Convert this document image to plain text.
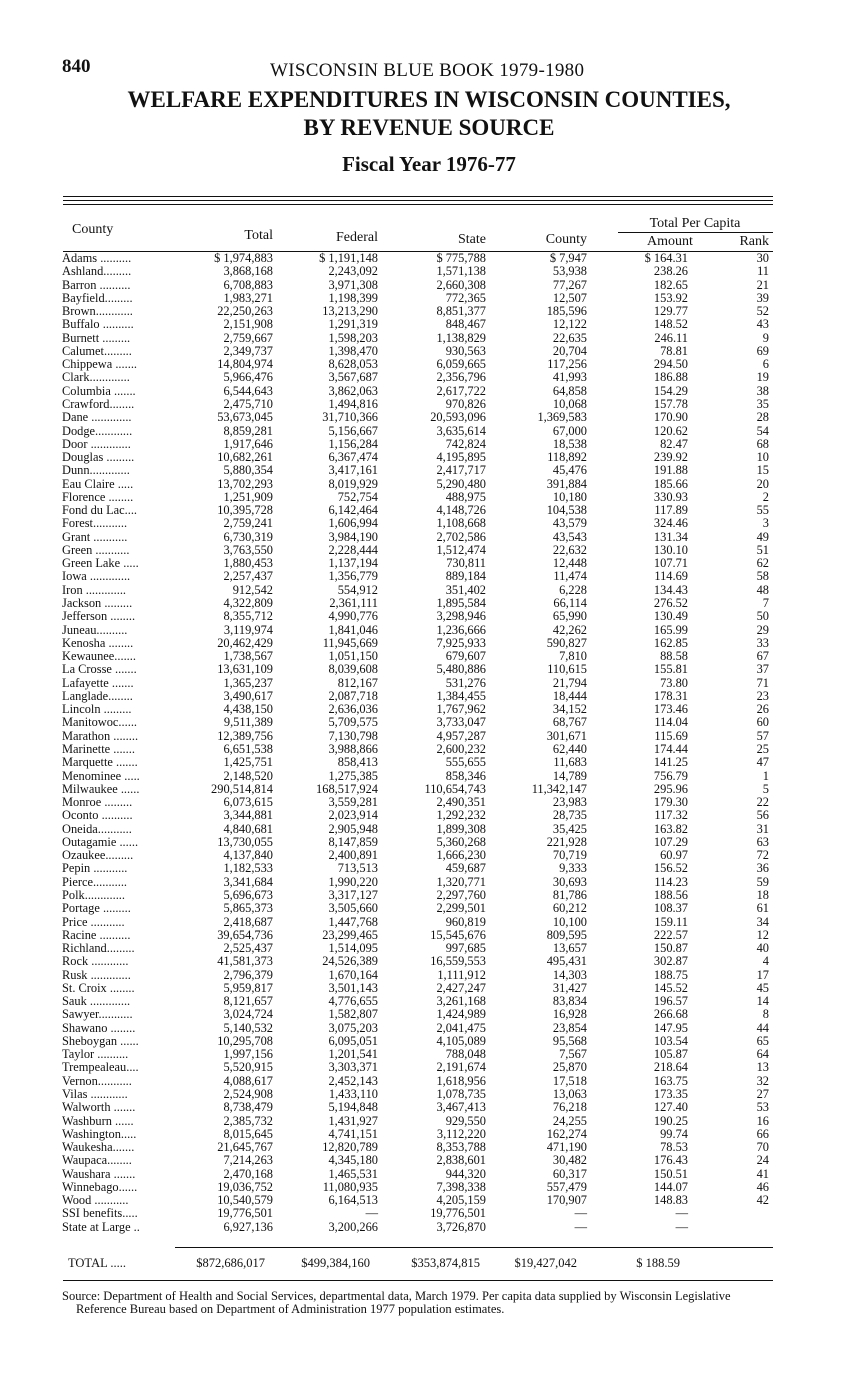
840	WISCONSIN BLUE BOOK 1979-1980
WELFARE EXPENDITURES IN WISCONSIN COUNTIES,
BY REVENUE SOURCE
Fiscal Year 1976-77
County	Total	Federal	State	County
Total Per Capita
Amount	Rank
Adams ..........	$ 1,974,883	$ 1,191,148	$ 775,788	$ 7,947	$ 164.31	30
Ashland.........	3,868,168	2,243,092	1,571,138	53,938	238.26	11
Barron ..........	6,708,883	3,971,308	2,660,308	77,267	182.65	21
Bayfield.........	1,983,271	1,198,399	772,365	12,507	153.92	39
Brown............	22,250,263	13,213,290	8,851,377	185,596	129.77	52
Buffalo ..........	2,151,908	1,291,319	848,467	12,122	148.52	43
Burnett .........	2,759,667	1,598,203	1,138,829	22,635	246.11	9
Calumet.........	2,349,737	1,398,470	930,563	20,704	78.81	69
Chippewa .......	14,804,974	8,628,053	6,059,665	117,256	294.50	6
Clark.............	5,966,476	3,567,687	2,356,796	41,993	186.88	19
Columbia .......	6,544,643	3,862,063	2,617,722	64,858	154.29	38
Crawford........	2,475,710	1,494,816	970,826	10,068	157.78	35
Dane .............	53,673,045	31,710,366	20,593,096	1,369,583	170.90	28
Dodge............	8,859,281	5,156,667	3,635,614	67,000	120.62	54
Door .............	1,917,646	1,156,284	742,824	18,538	82.47	68
Douglas .........	10,682,261	6,367,474	4,195,895	118,892	239.92	10
Dunn.............	5,880,354	3,417,161	2,417,717	45,476	191.88	15
Eau Claire .....	13,702,293	8,019,929	5,290,480	391,884	185.66	20
Florence ........	1,251,909	752,754	488,975	10,180	330.93	2
Fond du Lac....	10,395,728	6,142,464	4,148,726	104,538	117.89	55
Forest...........	2,759,241	1,606,994	1,108,668	43,579	324.46	3
Grant ...........	6,730,319	3,984,190	2,702,586	43,543	131.34	49
Green ...........	3,763,550	2,228,444	1,512,474	22,632	130.10	51
Green Lake .....	1,880,453	1,137,194	730,811	12,448	107.71	62
Iowa .............	2,257,437	1,356,779	889,184	11,474	114.69	58
Iron .............	912,542	554,912	351,402	6,228	134.43	48
Jackson .........	4,322,809	2,361,111	1,895,584	66,114	276.52	7
Jefferson ........	8,355,712	4,990,776	3,298,946	65,990	130.49	50
Juneau..........	3,119,974	1,841,046	1,236,666	42,262	165.99	29
Kenosha ........	20,462,429	11,945,669	7,925,933	590,827	162.85	33
Kewaunee.......	1,738,567	1,051,150	679,607	7,810	88.58	67
La Crosse .......	13,631,109	8,039,608	5,480,886	110,615	155.81	37
Lafayette .......	1,365,237	812,167	531,276	21,794	73.80	71
Langlade........	3,490,617	2,087,718	1,384,455	18,444	178.31	23
Lincoln .........	4,438,150	2,636,036	1,767,962	34,152	173.46	26
Manitowoc......	9,511,389	5,709,575	3,733,047	68,767	114.04	60
Marathon ........	12,389,756	7,130,798	4,957,287	301,671	115.69	57
Marinette .......	6,651,538	3,988,866	2,600,232	62,440	174.44	25
Marquette .......	1,425,751	858,413	555,655	11,683	141.25	47
Menominee .....	2,148,520	1,275,385	858,346	14,789	756.79	1
Milwaukee ......	290,514,814	168,517,924	110,654,743	11,342,147	295.96	5
Monroe .........	6,073,615	3,559,281	2,490,351	23,983	179.30	22
Oconto ..........	3,344,881	2,023,914	1,292,232	28,735	117.32	56
Oneida...........	4,840,681	2,905,948	1,899,308	35,425	163.82	31
Outagamie ......	13,730,055	8,147,859	5,360,268	221,928	107.29	63
Ozaukee.........	4,137,840	2,400,891	1,666,230	70,719	60.97	72
Pepin ...........	1,182,533	713,513	459,687	9,333	156.52	36
Pierce...........	3,341,684	1,990,220	1,320,771	30,693	114.23	59
Polk.............	5,696,673	3,317,127	2,297,760	81,786	188.56	18
Portage .........	5,865,373	3,505,660	2,299,501	60,212	108.37	61
Price ...........	2,418,687	1,447,768	960,819	10,100	159.11	34
Racine ..........	39,654,736	23,299,465	15,545,676	809,595	222.57	12
Richland.........	2,525,437	1,514,095	997,685	13,657	150.87	40
Rock ............	41,581,373	24,526,389	16,559,553	495,431	302.87	4
Rusk .............	2,796,379	1,670,164	1,111,912	14,303	188.75	17
St. Croix ........	5,959,817	3,501,143	2,427,247	31,427	145.52	45
Sauk .............	8,121,657	4,776,655	3,261,168	83,834	196.57	14
Sawyer...........	3,024,724	1,582,807	1,424,989	16,928	266.68	8
Shawano ........	5,140,532	3,075,203	2,041,475	23,854	147.95	44
Sheboygan ......	10,295,708	6,095,051	4,105,089	95,568	103.54	65
Taylor ..........	1,997,156	1,201,541	788,048	7,567	105.87	64
Trempealeau....	5,520,915	3,303,371	2,191,674	25,870	218.64	13
Vernon...........	4,088,617	2,452,143	1,618,956	17,518	163.75	32
Vilas ............	2,524,908	1,433,110	1,078,735	13,063	173.35	27
Walworth .......	8,738,479	5,194,848	3,467,413	76,218	127.40	53
Washburn ......	2,385,732	1,431,927	929,550	24,255	190.25	16
Washington.....	8,015,645	4,741,151	3,112,220	162,274	99.74	66
Waukesha.......	21,645,767	12,820,789	8,353,788	471,190	78.53	70
Waupaca........	7,214,263	4,345,180	2,838,601	30,482	176.43	24
Waushara .......	2,470,168	1,465,531	944,320	60,317	150.51	41
Winnebago......	19,036,752	11,080,935	7,398,338	557,479	144.07	46
Wood ...........	10,540,579	6,164,513	4,205,159	170,907	148.83	42
SSI benefits.....	19,776,501	—	19,776,501	—	—
State at Large ..	6,927,136	3,200,266	3,726,870	—	—
TOTAL .....	$872,686,017	$499,384,160	$353,874,815	$19,427,042	$ 188.59

Source: Department of Health and Social Services, departmental data, March 1979. Per capita data supplied by Wisconsin Legislative Reference Bureau based on Department of Administration 1977 population estimates.
